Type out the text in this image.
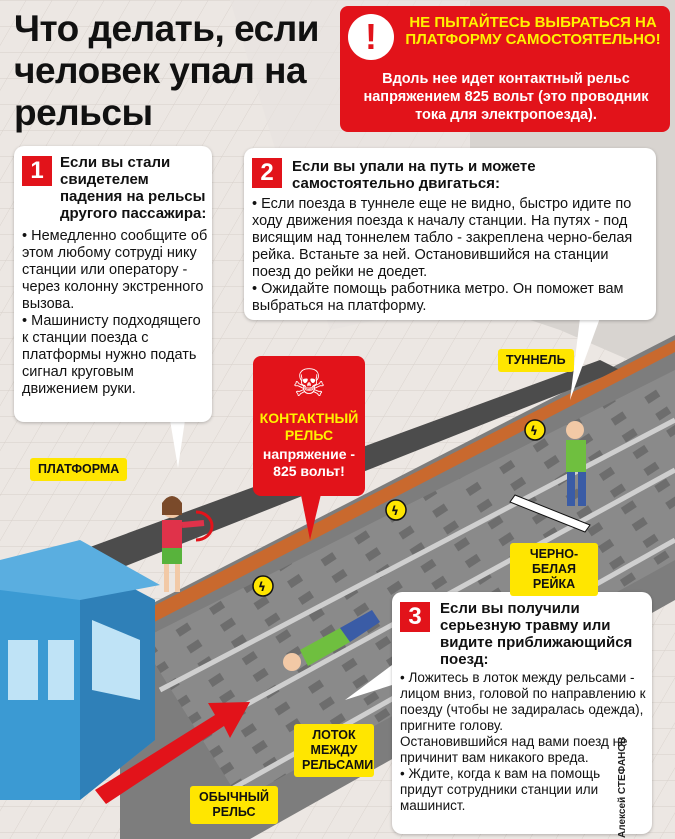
ϟ
ϟ
ϟ
Что делать, если человек упал на рельсы
!	НЕ ПЫТАЙТЕСЬ ВЫБРАТЬСЯ НА ПЛАТФОРМУ САМОСТОЯТЕЛЬНО!
Вдоль нее идет контактный рельс напряжением 825 вольт (это проводник тока для электропоезда).
1	Если вы стали свидетелем падения на рельсы другого пассажира:

• Немедленно сообщите об этом любому сотрудi нику станции или оператору - через колонну экстренного вызова.

• Машинисту подходящего к станции поезда с платформы нужно подать сигнал круговым движением руки.

2	Если вы упали на путь и можете самостоятельно двигаться:

• Если поезда в туннеле еще не видно, быстро идите по ходу движения поезда к началу станции. На путях - под висящим над тоннелем табло - закреплена черно-белая рейка. Встаньте за ней. Остановившийся на станции поезд до рейки не доедет.

• Ожидайте помощь работника метро. Он поможет вам выбраться на платформу.

3	Если вы получили серьезную травму или видите приближающийся поезд:

• Ложитесь в лоток между рельсами - лицом вниз, головой по направлению к поезду (чтобы не задиралась одежда), пригните голову.

Остановившийся над вами поезд не причинит вам никакого вреда.

• Ждите, когда к вам на помощь придут сотрудники станции или машинист.

☠
КОНТАКТНЫЙ РЕЛЬС
напряжение - 825 вольт!
ТУННЕЛЬ
ПЛАТФОРМА
ЧЕРНО-БЕЛАЯ РЕЙКА
ЛОТОК МЕЖДУ РЕЛЬСАМИ
ОБЫЧНЫЙ РЕЛЬС	Алексей СТЕФАНОВ
